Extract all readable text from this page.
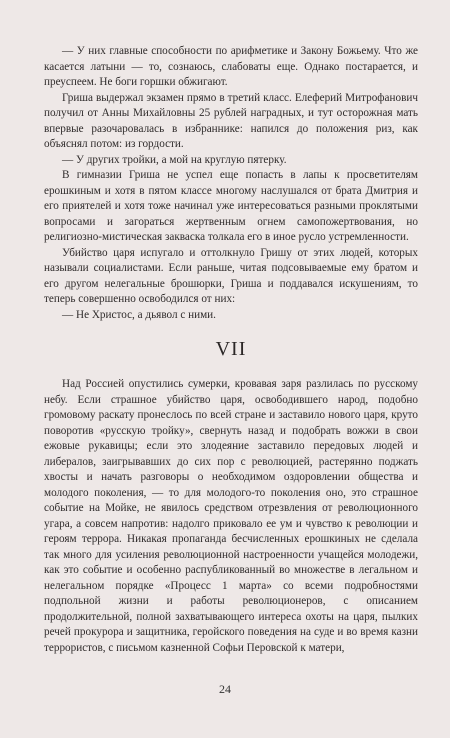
— У них главные способности по арифметике и Закону Божьему. Что же касается латыни — то, сознаюсь, слабоваты еще. Однако постарается, и преуспеем. Не боги горшки обжигают.

Гриша выдержал экзамен прямо в третий класс. Елеферий Митрофанович получил от Анны Михайловны 25 рублей наградных, и тут осторожная мать впервые разочаровалась в избраннике: напился до положения риз, как объяснял потом: из гордости.

— У других тройки, а мой на круглую пятерку.

В гимназии Гриша не успел еще попасть в лапы к просветителям ерошкиным и хотя в пятом классе многому наслушался от брата Дмитрия и его приятелей и хотя тоже начинал уже интересоваться разными проклятыми вопросами и загораться жертвенным огнем самопожертвования, но религиозно-мистическая закваска толкала его в иное русло устремленности.

Убийство царя испугало и оттолкнуло Гришу от этих людей, которых называли социалистами. Если раньше, читая подсовываемые ему братом и его другом нелегальные брошюрки, Гриша и поддавался искушениям, то теперь совершенно освободился от них:

— Не Христос, а дьявол с ними.

VII

Над Россией опустились сумерки, кровавая заря разлилась по русскому небу. Если страшное убийство царя, освободившего народ, подобно громовому раскату пронеслось по всей стране и заставило нового царя, круто поворотив «русскую тройку», свернуть назад и подобрать вожжи в свои ежовые рукавицы; если это злодеяние заставило передовых людей и либералов, заигрывавших до сих пор с революцией, растерянно поджать хвосты и начать разговоры о необходимом оздоровлении общества и молодого поколения, — то для молодого-то поколения оно, это страшное событие на Мойке, не явилось средством отрезвления от революционного угара, а совсем напротив: надолго приковало ее ум и чувство к революции и героям террора. Никакая пропаганда бесчисленных ерошкиных не сделала так много для усиления революционной настроенности учащейся молодежи, как это событие и особенно распубликованный во множестве в легальном и нелегальном порядке «Процесс 1 марта» со всеми подробностями подпольной жизни и работы революционеров, с описанием продолжительной, полной захватывающего интереса охоты на царя, пылких речей прокурора и защитника, геройского поведения на суде и во время казни террористов, с письмом казненной Софьи Перовской к матери,

24
